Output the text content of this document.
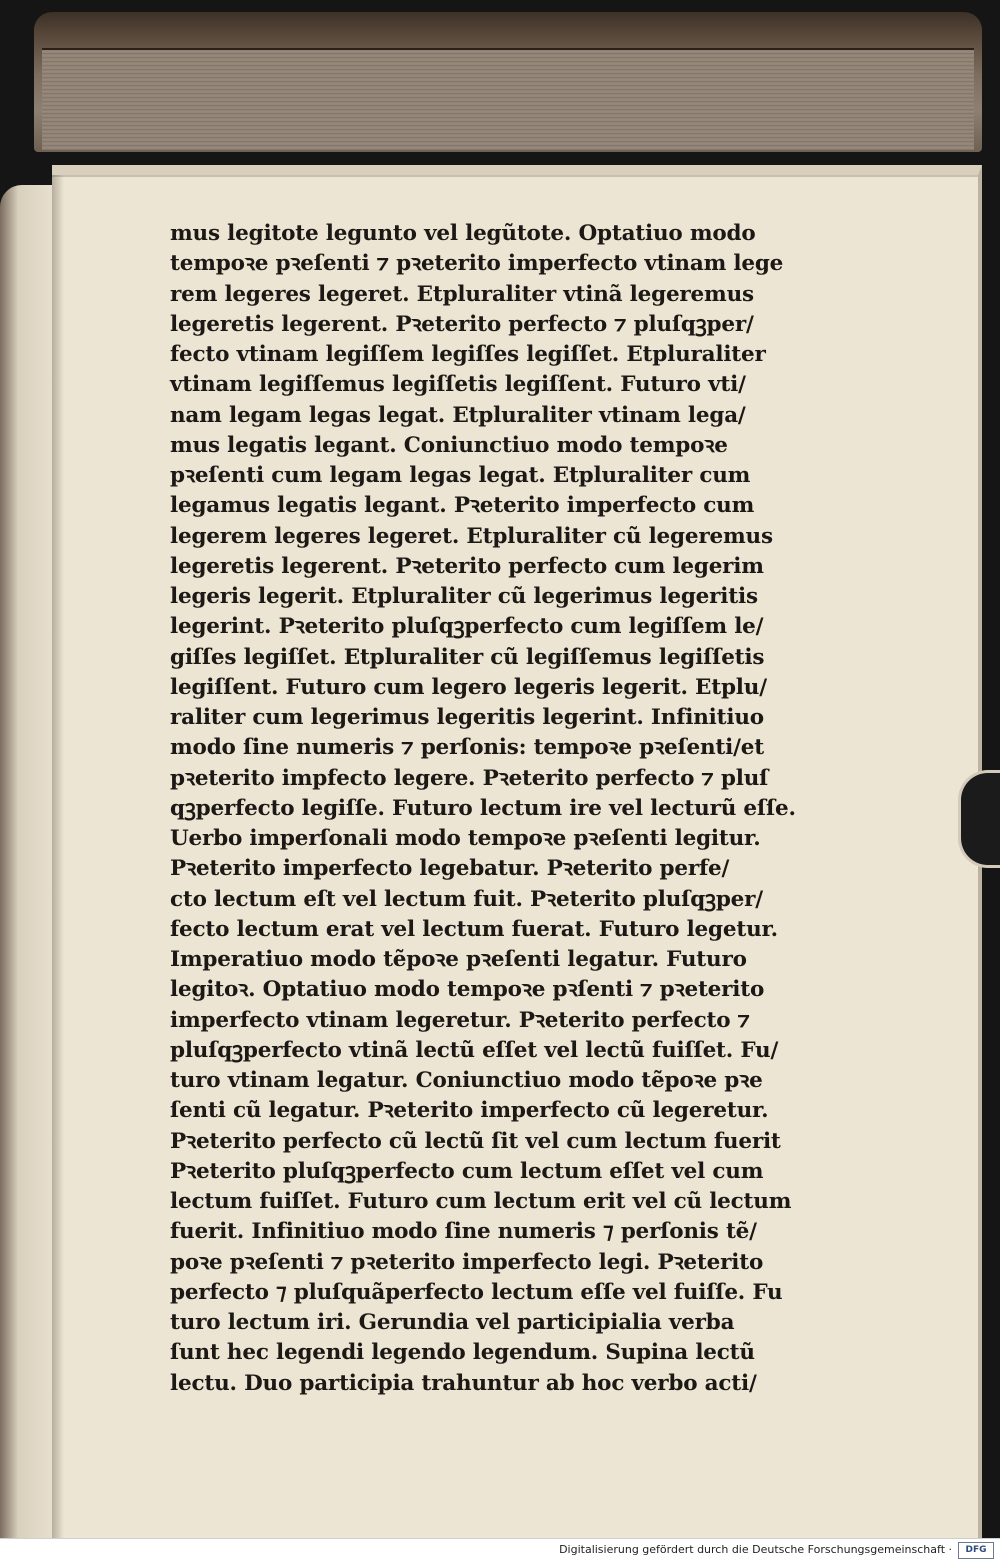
mus legitote legunto vel legũtote. Optatiuo modo
tempoꝛe pꝛeſenti ⁊ pꝛeterito imperfecto vtinam lege
rem legeres legeret. Etpluraliter vtinã legeremus
legeretis legerent. Pꝛeterito perfecto ⁊ pluſqꝫper/
fecto vtinam legiſſem legiſſes legiſſet. Etpluraliter
vtinam legiſſemus legiſſetis legiſſent. Futuro vti/
nam legam legas legat. Etpluraliter vtinam lega/
mus legatis legant. Coniunctiuo modo tempoꝛe
pꝛeſenti cum legam legas legat. Etpluraliter cum
legamus legatis legant. Pꝛeterito imperfecto cum
legerem legeres legeret. Etpluraliter cũ legeremus
legeretis legerent. Pꝛeterito perfecto cum legerim
legeris legerit. Etpluraliter cũ legerimus legeritis
legerint. Pꝛeterito pluſqꝫperfecto cum legiſſem le/
giſſes legiſſet. Etpluraliter cũ legiſſemus legiſſetis
legiſſent. Futuro cum legero legeris legerit. Etplu/
raliter cum legerimus legeritis legerint. Infinitiuo
modo ſine numeris ⁊ perſonis: tempoꝛe pꝛeſenti/et
pꝛeterito impfecto legere. Pꝛeterito perfecto ⁊ pluſ
qꝫperfecto legiſſe. Futuro lectum ire vel lecturũ eſſe.
Uerbo imperſonali modo tempoꝛe pꝛeſenti legitur.
Pꝛeterito imperfecto legebatur. Pꝛeterito perfe/
cto lectum eſt vel lectum fuit. Pꝛeterito pluſqꝫper/
fecto lectum erat vel lectum fuerat. Futuro legetur.
Imperatiuo modo tẽpoꝛe pꝛeſenti legatur. Futuro
legitoꝛ. Optatiuo modo tempoꝛe pꝛſenti ⁊ pꝛeterito
imperfecto vtinam legeretur. Pꝛeterito perfecto ⁊
pluſqꝫperfecto vtinã lectũ eſſet vel lectũ fuiſſet. Fu/
turo vtinam legatur. Coniunctiuo modo tẽpoꝛe pꝛe
ſenti cũ legatur. Pꝛeterito imperfecto cũ legeretur.
Pꝛeterito perfecto cũ lectũ ſit vel cum lectum fuerit
Pꝛeterito pluſqꝫperfecto cum lectum eſſet vel cum
lectum fuiſſet. Futuro cum lectum erit vel cũ lectum
fuerit. Infinitiuo modo ſine numeris ⁊ perſonis tẽ/
poꝛe pꝛeſenti ⁊ pꝛeterito imperfecto legi. Pꝛeterito
perfecto ⁊ pluſquãperfecto lectum eſſe vel fuiſſe. Fu
turo lectum iri. Gerundia vel participialia verba
ſunt hec legendi legendo legendum. Supina lectũ
lectu. Duo participia trahuntur ab hoc verbo acti/
Digitalisierung gefördert durch die Deutsche Forschungsgemeinschaft ·	DFG
